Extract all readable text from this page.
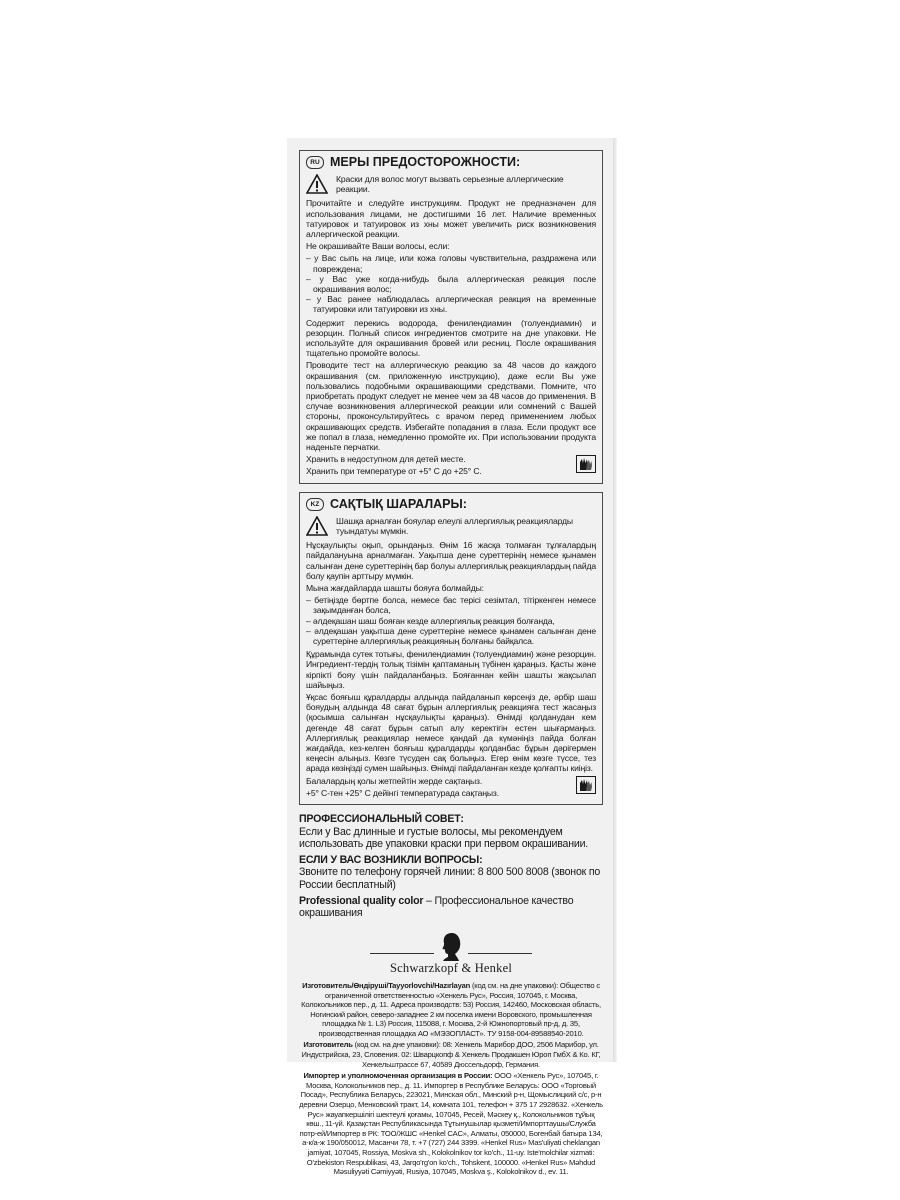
RU МЕРЫ ПРЕДОСТОРОЖНОСТИ:
Краски для волос могут вызвать серьезные аллергические реакции.

Прочитайте и следуйте инструкциям. Продукт не предназначен для использования лицами, не достигшими 16 лет. Наличие временных татуировок и татуировок из хны может увеличить риск возникновения аллергической реакции.

Не окрашивайте Ваши волосы, если:

– у Вас сыпь на лице, или кожа головы чувствительна, раздражена или повреждена;
– у Вас уже когда-нибудь была аллергическая реакция после окрашивания волос;
– у Вас ранее наблюдалась аллергическая реакция на временные татуировки или татуировки из хны.

Содержит перекись водорода, фенилендиамин (толуендиамин) и резорцин. Полный список ингредиентов смотрите на дне упаковки. Не используйте для окрашивания бровей или ресниц. После окрашивания тщательно промойте волосы.

Проводите тест на аллергическую реакцию за 48 часов до каждого окрашивания (см. приложенную инструкцию), даже если Вы уже пользовались подобными окрашивающими средствами. Помните, что приобретать продукт следует не менее чем за 48 часов до применения. В случае возникновения аллергической реакции или сомнений с Вашей стороны, проконсультируйтесь с врачом перед применением любых окрашивающих средств. Избегайте попадания в глаза. Если продукт все же попал в глаза, немедленно промойте их. При использовании продукта наденьте перчатки.

Хранить в недоступном для детей месте.

Хранить при температуре от +5° С до +25° С.

KZ САҚТЫҚ ШАРАЛАРЫ:
Шашқа арналған бояулар елеулі аллергиялық реакцияларды туындатуы мүмкін.

Нұсқаулықты оқып, орындаңыз. Өнім 16 жасқа толмаған тұлғалардың пайдалануына арналмаған. Уақытша дене суреттерінің немесе қынамен салынған дене суреттерінің бар болуы аллергиялық реакциялардың пайда болу қаупін арттыру мүмкін.

Мына жағдайларда шашты бояуға болмайды:

– бетіңізде бөртпе болса, немесе бас терісі сезімтал, тітіркенген немесе зақымданған болса,
– әлдеқашан шаш бояған кезде аллергиялық реакция болғанда,
– әлдеқашан уақытша дене суреттеріне немесе қынамен салынған дене суреттеріне аллергиялық реакцияның болғаны байқалса.

Құрамында сутек тотығы, фенилендиамин (толуендиамин) және резорцин. Ингредиент-тердің толық тізімін қаптаманың түбінен қараңыз. Қасты және кірпікті бояу үшін пайдаланбаңыз. Бояғаннан кейін шашты жақсылап шайыңыз.

Ұқсас бояғыш құралдарды алдында пайдаланып көрсеңіз де, әрбір шаш бояудың алдында 48 сағат бұрын аллергиялық реакцияға тест жасаңыз (қосымша салынған нұсқаулықты қараңыз). Өнімді қолданудан кем дегенде 48 сағат бұрын сатып алу керектігін естен шығармаңыз. Аллергиялық реакциялар немесе қандай да күмәніңіз пайда болған жағдайда, кез-келген бояғыш құралдарды қолданбас бұрын дәрігермен кеңесін алыңыз. Көзге түсуден сақ болыңыз. Егер өнім көзге түссе, тез арада көзіңізді сумен шайыңыз. Өнімді пайдаланған кезде қолғапты киіңіз.

Балалардың қолы жетпейтін жерде сақтаңыз.

+5° С-тен +25° С дейінгі температурада сақтаңыз.

ПРОФЕССИОНАЛЬНЫЙ СОВЕТ:
Если у Вас длинные и густые волосы, мы рекомендуем использовать две упаковки краски при первом окрашивании.
ЕСЛИ У ВАС ВОЗНИКЛИ ВОПРОСЫ:
Звоните по телефону горячей линии: 8 800 500 8008 (звонок по России бесплатный)
Professional quality color – Профессиональное качество окрашивания
Schwarzkopf & Henkel

Изготовитель/Өндіруші/Tayyorlovchi/Hazırlayan (код см. на дне упаковки): Общество с ограниченной ответственностью «Хенкель Рус», Россия, 107045, г. Москва, Колокольников пер., д. 11. Адреса производств: 53) Россия, 142460, Московская область, Ногинский район, северо-западнее 2 км поселка имени Воровского, промышленная площадка № 1. L3) Россия, 115088, г. Москва, 2-й Южнопортовый пр-д, д. 35, производственная площадка АО «МЭЗОПЛАСТ». ТУ 9158-004-89588540-2010.

Изготовитель (код см. на дне упаковки): 08: Хенкель Марибор ДОО, 2506 Марибор, ул. Индустрийска, 23, Словения. 02: Шварцкопф & Хенкель Продакшен Юроп ГмбХ & Ко. КГ, Хенкельштрассе 67, 40589 Дюссельдорф, Германия.

Импортер и уполномоченная организация в России: ООО «Хенкель Рус», 107045, г. Москва, Колокольников пер., д. 11. Импортер в Республике Беларусь: ООО «Торговый Посад», Республика Беларусь, 223021, Минская обл., Минский р-н, Щомыслицкий с/с, р-н деревни Озерцо, Менковский тракт, 14, комната 101, телефон + 375 17 2928632. «Хенкель Рус» жауапкершілігі шектеулі қоғамы, 107045, Ресей, Мәскеу қ., Колокольников тұйық көш., 11-үй. Қазақстан Республикасында Тұтынушылар қызметі/Импорттаушы/Служба потр-ей/Импортер в РК: ТОО/ЖШС «Henkel CAC», Алматы, 050000, Богенбай батыра 134, а-к/а-ж 190/050012, Масанчи 78, т. +7 (727) 244 3399. «Henkel Rus» Mas'uliyati cheklangan jamiyat, 107045, Rossiya, Moskva sh., Kolokolnikov tor ko'ch., 11-uy. Iste'molchilar xizmati: O'zbekiston Respublikasi, 43, Jarqo'rg'on ko'ch., Tohskent, 100000. «Henkel Rus» Məhdud Məsuliyyəti Cəmiyyəti, Rusiya, 107045, Moskva ş., Kolokolnikov d., ev. 11.
